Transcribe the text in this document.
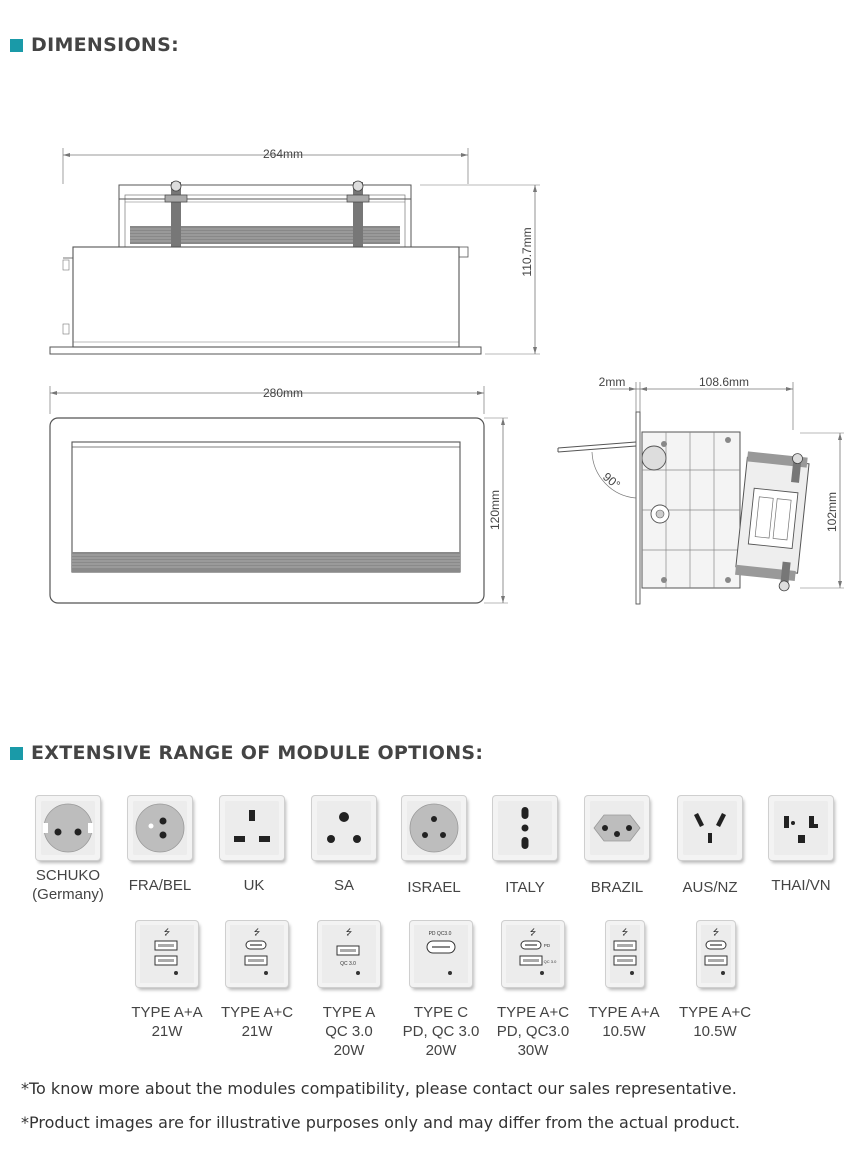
DIMENSIONS:
264mm
110.7mm
280mm
120mm
2mm	108.6mm
90°
102mm
EXTENSIVE RANGE OF MODULE OPTIONS:
SCHUKO
(Germany)
FRA/BEL	UK	SA	ISRAEL	ITALY	BRAZIL	AUS/NZ	THAI/VN
⭍
TYPE A+A
21W
⭍
TYPE A+C
21W
⭍
QC 3.0
TYPE A
QC 3.0
20W
PD QC3.0
TYPE C
PD, QC 3.0
20W
⭍
PD
QC 3.0
TYPE A+C
PD, QC3.0
30W
⭍
TYPE A+A
10.5W
⭍
TYPE A+C
10.5W
*To know more about the modules compatibility, please contact our sales representative.
*Product images are for illustrative purposes only and may differ from the actual product.
